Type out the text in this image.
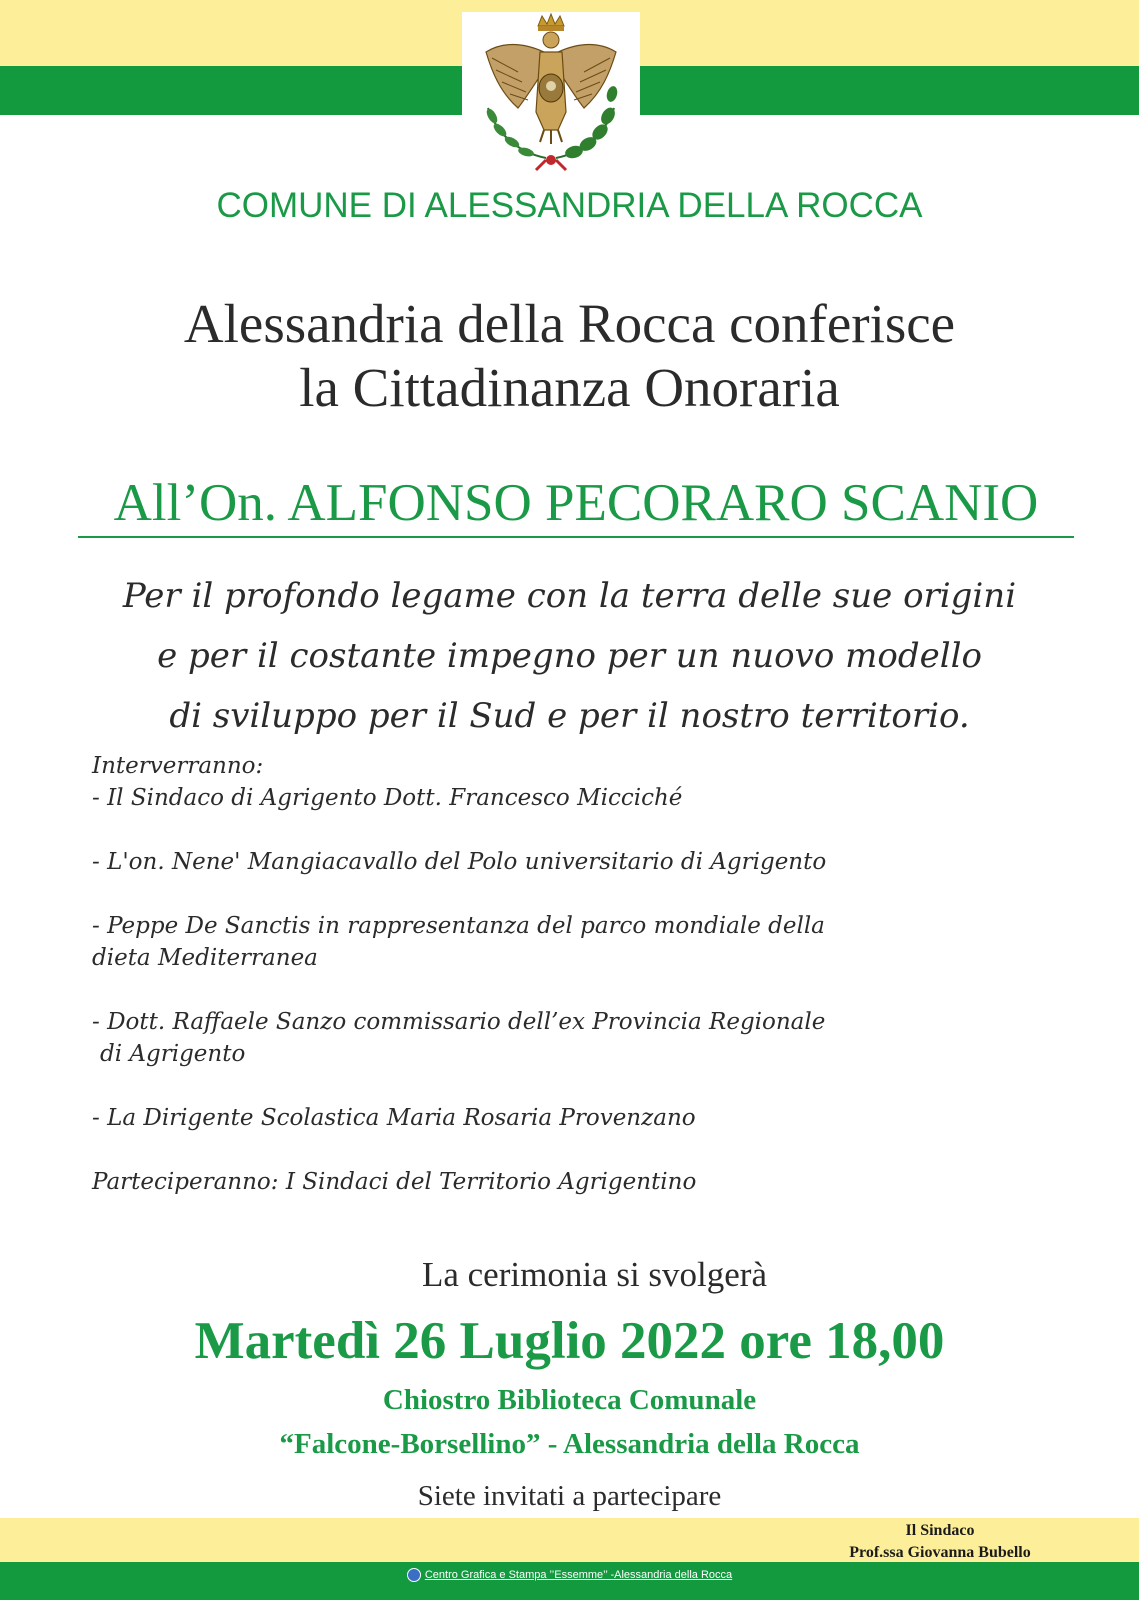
COMUNE DI ALESSANDRIA DELLA ROCCA
Alessandria della Rocca conferisce
la Cittadinanza Onoraria
All’On. ALFONSO PECORARO SCANIO
Per il profondo legame con la terra delle sue origini
e per il costante impegno per un nuovo modello
di sviluppo per il Sud e per il nostro territorio.
Interverranno:
- Il Sindaco di Agrigento Dott. Francesco Micciché
- L'on. Nene' Mangiacavallo del Polo universitario di Agrigento
- Peppe De Sanctis in rappresentanza del parco mondiale della
dieta Mediterranea
- Dott. Raffaele Sanzo commissario dell’ex Provincia Regionale
di Agrigento
- La Dirigente Scolastica Maria Rosaria Provenzano
Parteciperanno: I Sindaci del Territorio Agrigentino
La cerimonia si svolgerà
Martedì 26 Luglio 2022 ore 18,00
Chiostro Biblioteca Comunale
“Falcone-Borsellino” - Alessandria della Rocca
Siete invitati a partecipare
Il Sindaco
Prof.ssa Giovanna Bubello
Centro Grafica e Stampa ’’Essemme’’ -Alessandria della Rocca
